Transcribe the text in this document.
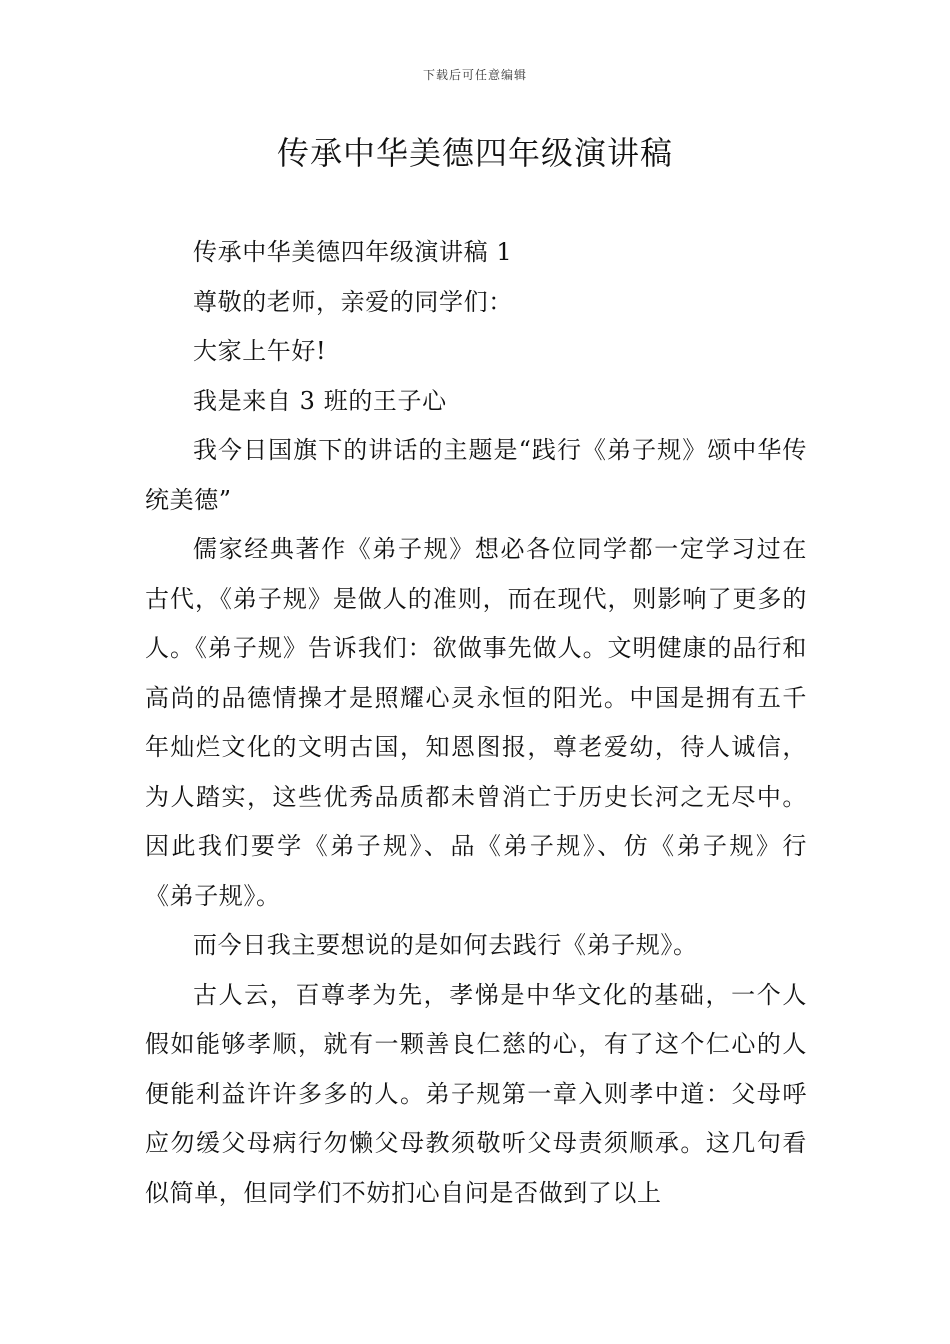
下载后可任意编辑
传承中华美德四年级演讲稿

传承中华美德四年级演讲稿 1

尊敬的老师，亲爱的同学们：

大家上午好!

我是来自 3 班的王子心

我今日国旗下的讲话的主题是“践行《弟子规》颂中华传统美德”

儒家经典著作《弟子规》想必各位同学都一定学习过在古代，《弟子规》是做人的准则，而在现代，则影响了更多的人。《弟子规》告诉我们：欲做事先做人。文明健康的品行和高尚的品德情操才是照耀心灵永恒的阳光。中国是拥有五千年灿烂文化的文明古国，知恩图报，尊老爱幼，待人诚信，为人踏实，这些优秀品质都未曾消亡于历史长河之无尽中。因此我们要学《弟子规》、品《弟子规》、仿《弟子规》行《弟子规》。

而今日我主要想说的是如何去践行《弟子规》。

古人云，百尊孝为先，孝悌是中华文化的基础，一个人假如能够孝顺，就有一颗善良仁慈的心，有了这个仁心的人便能利益许许多多的人。弟子规第一章入则孝中道：父母呼应勿缓父母病行勿懒父母教须敬听父母责须顺承。这几句看似简单，但同学们不妨扪心自问是否做到了以上
